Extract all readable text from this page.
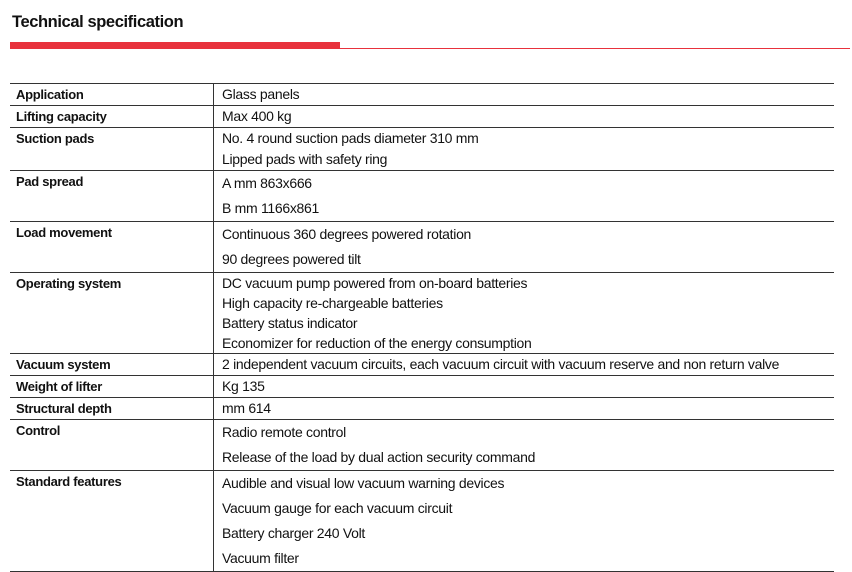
Technical specification
Application	Glass panels
Lifting capacity	Max 400 kg
Suction pads	No. 4 round suction pads diameter 310 mm
Lipped pads with safety ring
Pad spread	A mm 863x666
B mm 1166x861
Load movement	Continuous 360 degrees powered rotation
90 degrees powered tilt
Operating system	DC vacuum pump powered from on-board batteries
High capacity re-chargeable batteries
Battery status indicator
Economizer for reduction of the energy consumption
Vacuum system	2 independent vacuum circuits, each vacuum circuit with vacuum reserve and non return valve
Weight of lifter	Kg 135
Structural depth	mm 614
Control	Radio remote control
Release of the load by dual action security command
Standard features	Audible and visual low vacuum warning devices
Vacuum gauge for each vacuum circuit
Battery charger 240 Volt
Vacuum filter
